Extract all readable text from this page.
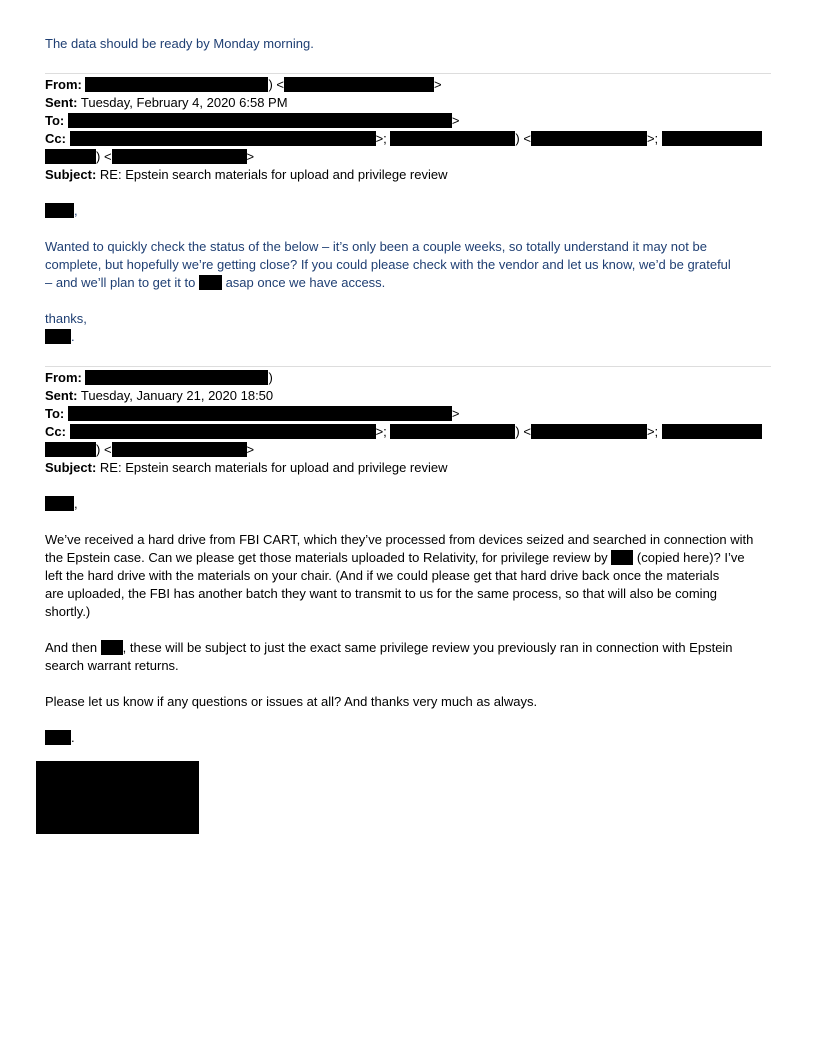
The data should be ready by Monday morning.
From:	) <	>
Sent: Tuesday, February 4, 2020 6:58 PM
To:	>
Cc:	>;	) <	>;
) <	>
Subject: RE: Epstein search materials for upload and privilege review
,
Wanted to quickly check the status of the below – it’s only been a couple weeks, so totally understand it may not be
complete, but hopefully we’re getting close? If you could please check with the vendor and let us know, we’d be grateful
– and we’ll plan to get it to asap once we have access.
thanks,
.
From:	)
Sent: Tuesday, January 21, 2020 18:50
To:	>
Cc:	>;	) <	>;
) <	>
Subject: RE: Epstein search materials for upload and privilege review
,
We’ve received a hard drive from FBI CART, which they’ve processed from devices seized and searched in connection with
the Epstein case. Can we please get those materials uploaded to Relativity, for privilege review by (copied here)? I’ve
left the hard drive with the materials on your chair. (And if we could please get that hard drive back once the materials
are uploaded, the FBI has another batch they want to transmit to us for the same process, so that will also be coming
shortly.)
And then , these will be subject to just the exact same privilege review you previously ran in connection with Epstein
search warrant returns.
Please let us know if any questions or issues at all? And thanks very much as always.
.
